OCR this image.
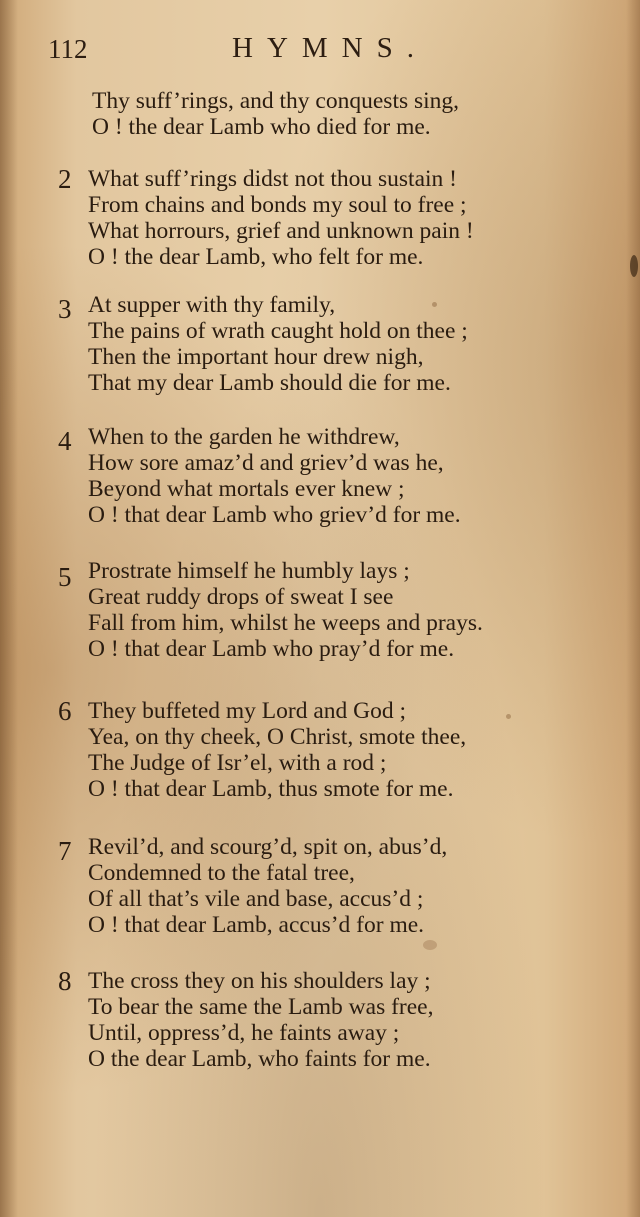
112	HYMNS.
Thy suff’rings, and thy conquests sing,
O ! the dear Lamb who died for me.
2 What suff’rings didst not thou sustain !
From chains and bonds my soul to free ;
What horrours, grief and unknown pain !
O ! the dear Lamb, who felt for me.
3 At supper with thy family,
The pains of wrath caught hold on thee ;
Then the important hour drew nigh,
That my dear Lamb should die for me.
4 When to the garden he withdrew,
How sore amaz’d and griev’d was he,
Beyond what mortals ever knew ;
O ! that dear Lamb who griev’d for me.
5 Prostrate himself he humbly lays ;
Great ruddy drops of sweat I see
Fall from him, whilst he weeps and prays.
O ! that dear Lamb who pray’d for me.
6 They buffeted my Lord and God ;
Yea, on thy cheek, O Christ, smote thee,
The Judge of Isr’el, with a rod ;
O ! that dear Lamb, thus smote for me.
7 Revil’d, and scourg’d, spit on, abus’d,
Condemned to the fatal tree,
Of all that’s vile and base, accus’d ;
O ! that dear Lamb, accus’d for me.
8 The cross they on his shoulders lay ;
To bear the same the Lamb was free,
Until, oppress’d, he faints away ;
O the dear Lamb, who faints for me.
